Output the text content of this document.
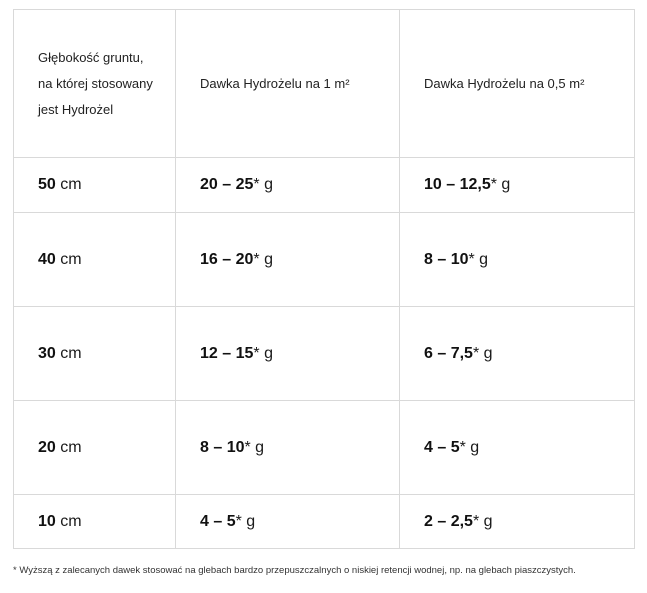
Głębokość gruntu, na której stosowany jest Hydrożel	Dawka Hydrożelu na 1 m²	Dawka Hydrożelu na 0,5 m²
50 cm	20 – 25* g	10 – 12,5* g
40 cm	16 – 20* g	8 – 10* g
30 cm	12 – 15* g	6 – 7,5* g
20 cm	8 – 10* g	4 – 5* g
10 cm	4 – 5* g	2 – 2,5* g
* Wyższą z zalecanych dawek stosować na glebach bardzo przepuszczalnych o niskiej retencji wodnej, np. na glebach piaszczystych.
